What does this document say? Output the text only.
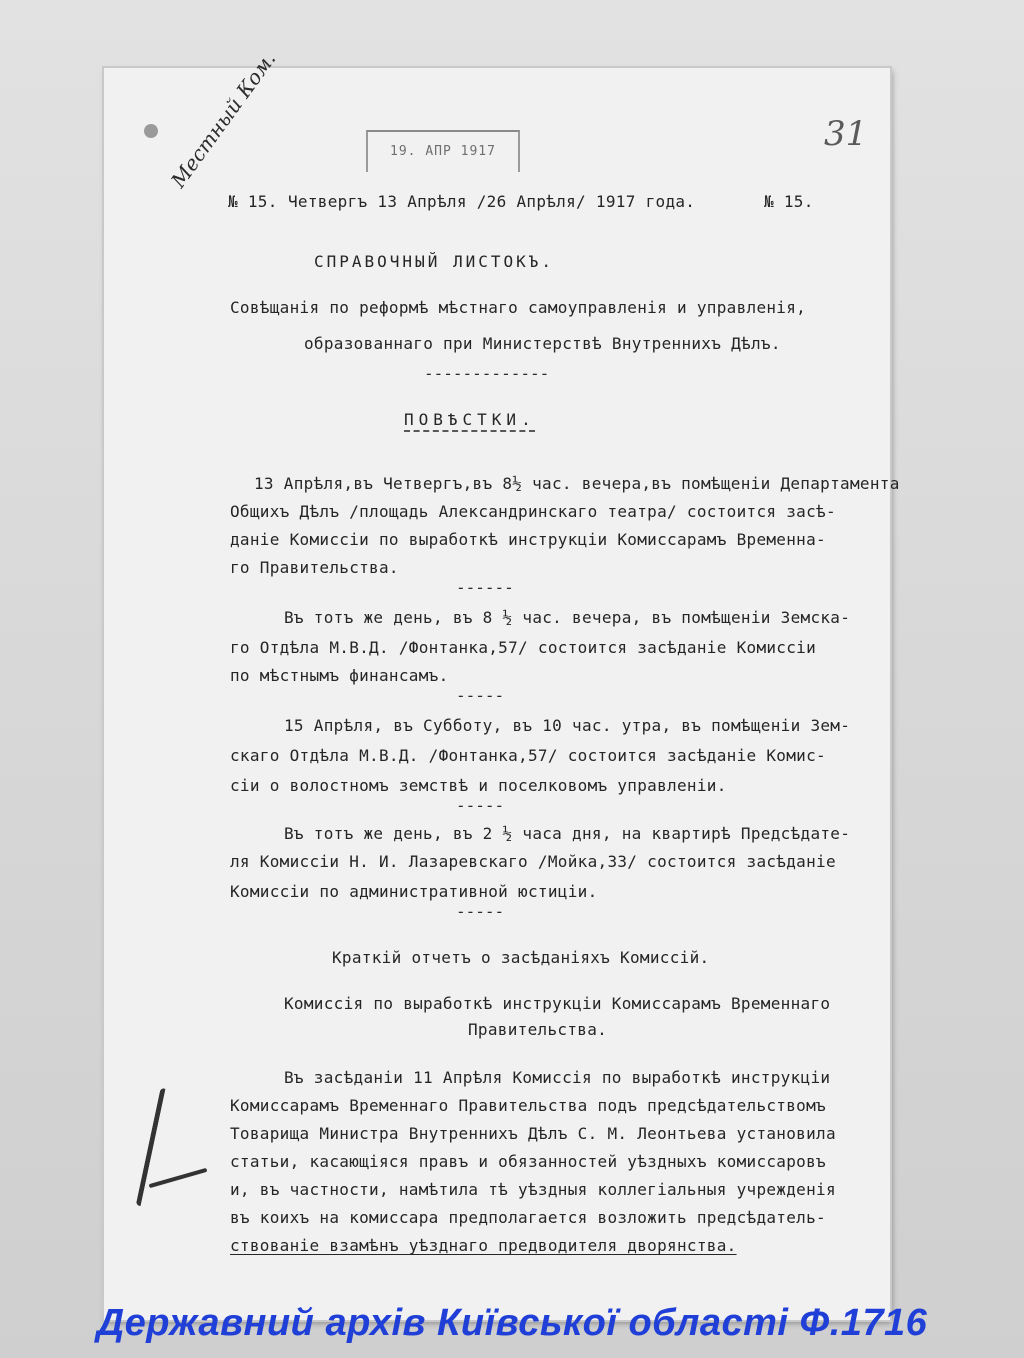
19. АПР 1917
Местный Ком.	31
№ 15. Четвергъ 13 Апрѣля /26 Апрѣля/ 1917 года.	№ 15.
СПРАВОЧНЫЙ ЛИСТОКЪ.
Совѣщанія по реформѣ мѣстнаго самоуправленія и управленія,
образованнаго при Министерствѣ Внутреннихъ Дѣлъ.
-------------
ПОВѢСТКИ.
13 Апрѣля,въ Четвергъ,въ 8½ час. вечера,въ помѣщеніи Департамента
Общихъ Дѣлъ /площадь Александринскаго театра/ состоится засѣ-
даніе Комиссіи по выработкѣ инструкціи Комиссарамъ Временна-
го Правительства.
------
Въ тотъ же день, въ 8 ½ час. вечера, въ помѣщеніи Земска-
го Отдѣла М.В.Д. /Фонтанка,57/ состоится засѣданіе Комиссіи
по мѣстнымъ финансамъ.
-----
15 Апрѣля, въ Субботу, въ 10 час. утра, въ помѣщеніи Зем-
скаго Отдѣла М.В.Д. /Фонтанка,57/ состоится засѣданіе Комис-
сіи о волостномъ земствѣ и поселковомъ управленіи.
-----
Въ тотъ же день, въ 2 ½ часа дня, на квартирѣ Предсѣдате-
ля Комиссіи Н. И. Лазаревскаго /Мойка,33/ состоится засѣданіе
Комиссіи по административной юстиціи.
-----
Краткій отчетъ о засѣданіяхъ Комиссій.
Комиссія по выработкѣ инструкціи Комиссарамъ Временнаго
Правительства.
Въ засѣданіи 11 Апрѣля Комиссія по выработкѣ инструкціи
Комиссарамъ Временнаго Правительства подъ предсѣдательствомъ
Товарища Министра Внутреннихъ Дѣлъ С. М. Леонтьева установила
статьи, касающіяся правъ и обязанностей уѣздныхъ комиссаровъ
и, въ частности, намѣтила тѣ уѣздныя коллегіальныя учрежденія
въ коихъ на комиссара предполагается возложить предсѣдатель-
ствованіе взамѣнъ уѣзднаго предводителя дворянства.
Державний архів Київської області Ф.1716
